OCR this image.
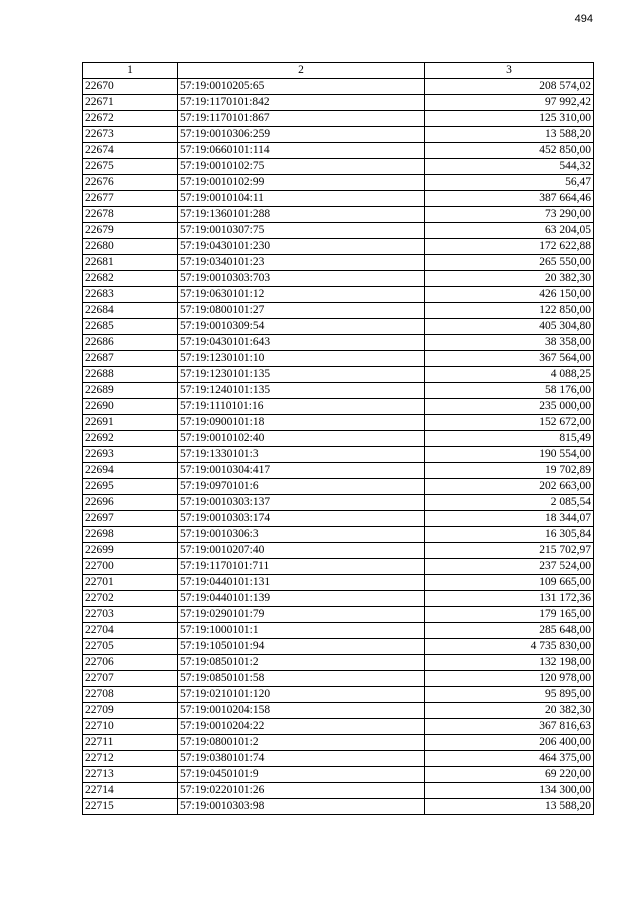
494
1	2	3
22670	57:19:0010205:65	208 574,02
22671	57:19:1170101:842	97 992,42
22672	57:19:1170101:867	125 310,00
22673	57:19:0010306:259	13 588,20
22674	57:19:0660101:114	452 850,00
22675	57:19:0010102:75	544,32
22676	57:19:0010102:99	56,47
22677	57:19:0010104:11	387 664,46
22678	57:19:1360101:288	73 290,00
22679	57:19:0010307:75	63 204,05
22680	57:19:0430101:230	172 622,88
22681	57:19:0340101:23	265 550,00
22682	57:19:0010303:703	20 382,30
22683	57:19:0630101:12	426 150,00
22684	57:19:0800101:27	122 850,00
22685	57:19:0010309:54	405 304,80
22686	57:19:0430101:643	38 358,00
22687	57:19:1230101:10	367 564,00
22688	57:19:1230101:135	4 088,25
22689	57:19:1240101:135	58 176,00
22690	57:19:1110101:16	235 000,00
22691	57:19:0900101:18	152 672,00
22692	57:19:0010102:40	815,49
22693	57:19:1330101:3	190 554,00
22694	57:19:0010304:417	19 702,89
22695	57:19:0970101:6	202 663,00
22696	57:19:0010303:137	2 085,54
22697	57:19:0010303:174	18 344,07
22698	57:19:0010306:3	16 305,84
22699	57:19:0010207:40	215 702,97
22700	57:19:1170101:711	237 524,00
22701	57:19:0440101:131	109 665,00
22702	57:19:0440101:139	131 172,36
22703	57:19:0290101:79	179 165,00
22704	57:19:1000101:1	285 648,00
22705	57:19:1050101:94	4 735 830,00
22706	57:19:0850101:2	132 198,00
22707	57:19:0850101:58	120 978,00
22708	57:19:0210101:120	95 895,00
22709	57:19:0010204:158	20 382,30
22710	57:19:0010204:22	367 816,63
22711	57:19:0800101:2	206 400,00
22712	57:19:0380101:74	464 375,00
22713	57:19:0450101:9	69 220,00
22714	57:19:0220101:26	134 300,00
22715	57:19:0010303:98	13 588,20
